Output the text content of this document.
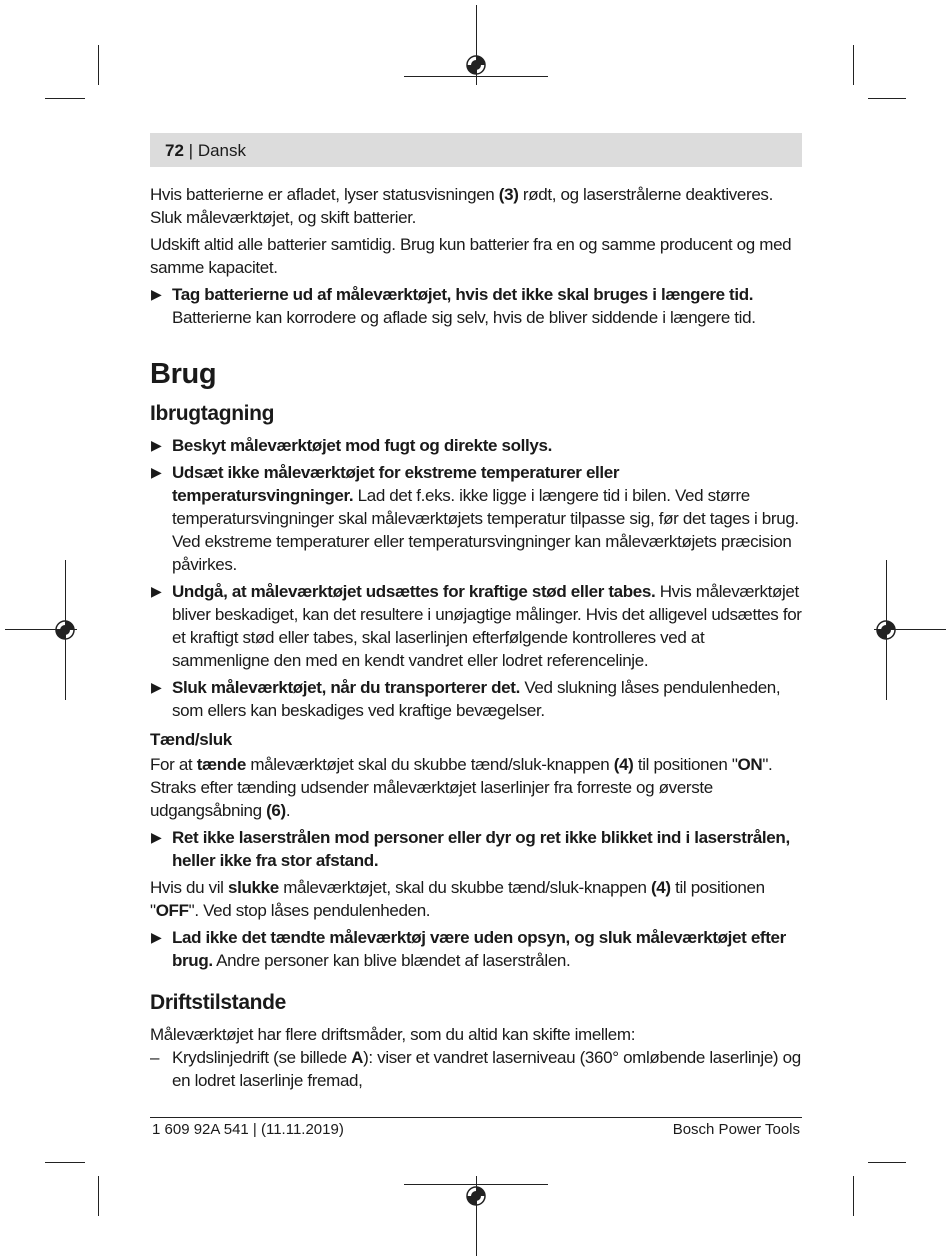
72 | Dansk

Hvis batterierne er afladet, lyser statusvisningen (3) rødt, og laserstrålerne deaktiveres. Sluk måleværktøjet, og skift batterier.

Udskift altid alle batterier samtidig. Brug kun batterier fra en og samme producent og med samme kapacitet.

▶ Tag batterierne ud af måleværktøjet, hvis det ikke skal bruges i længere tid. Batterierne kan korrodere og aflade sig selv, hvis de bliver siddende i længere tid.
Brug
Ibrugtagning
▶ Beskyt måleværktøjet mod fugt og direkte sollys.
▶ Udsæt ikke måleværktøjet for ekstreme temperaturer eller temperatursvingninger. Lad det f.eks. ikke ligge i længere tid i bilen. Ved større temperatursvingninger skal måleværktøjets temperatur tilpasse sig, før det tages i brug. Ved ekstreme temperaturer eller temperatursvingninger kan måleværktøjets præcision påvirkes.
▶ Undgå, at måleværktøjet udsættes for kraftige stød eller tabes. Hvis måleværktøjet bliver beskadiget, kan det resultere i unøjagtige målinger. Hvis det alligevel udsættes for et kraftigt stød eller tabes, skal laserlinjen efterfølgende kontrolleres ved at sammenligne den med en kendt vandret eller lodret referencelinje.
▶ Sluk måleværktøjet, når du transporterer det. Ved slukning låses pendulenheden, som ellers kan beskadiges ved kraftige bevægelser.
Tænd/sluk

For at tænde måleværktøjet skal du skubbe tænd/sluk-knappen (4) til positionen "ON". Straks efter tænding udsender måleværktøjet laserlinjer fra forreste og øverste udgangsåbning (6).

▶ Ret ikke laserstrålen mod personer eller dyr og ret ikke blikket ind i laserstrålen, heller ikke fra stor afstand.

Hvis du vil slukke måleværktøjet, skal du skubbe tænd/sluk-knappen (4) til positionen "OFF". Ved stop låses pendulenheden.

▶ Lad ikke det tændte måleværktøj være uden opsyn, og sluk måleværktøjet efter brug. Andre personer kan blive blændet af laserstrålen.
Driftstilstande

Måleværktøjet har flere driftsmåder, som du altid kan skifte imellem:

– Krydslinjedrift (se billede A): viser et vandret laserniveau (360° omløbende laserlinje) og en lodret laserlinje fremad,
1 609 92A 541 | (11.11.2019)	Bosch Power Tools
